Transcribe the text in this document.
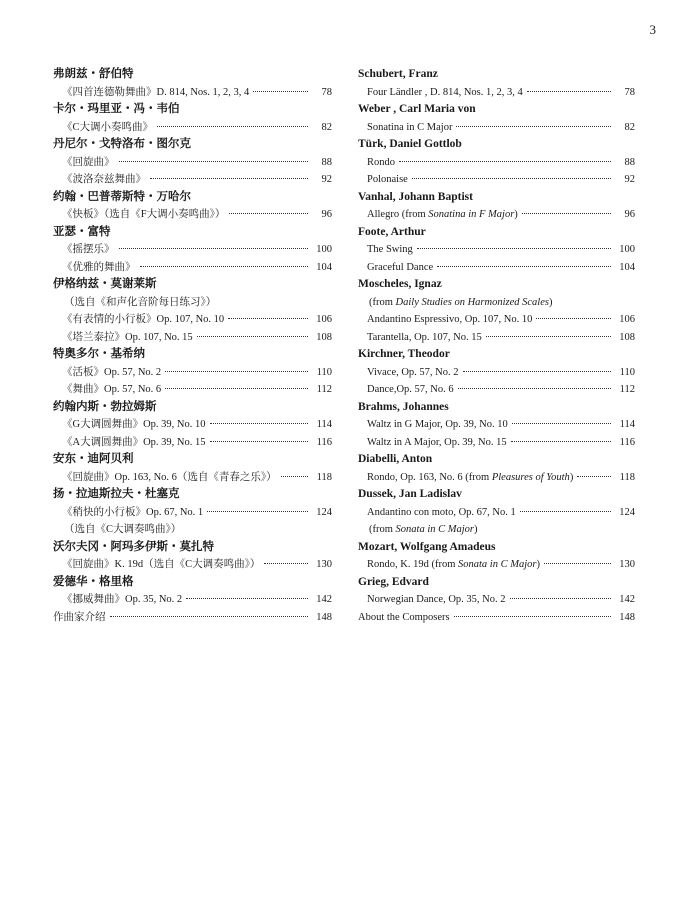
3
弗朗兹・舒伯特
《四首连德勒舞曲》D. 814, Nos. 1, 2, 3, 4	78
卡尔・玛里亚・冯・韦伯
《C大调小奏鸣曲》	82
丹尼尔・戈特洛布・图尔克
《回旋曲》	88
《波洛奈兹舞曲》	92
约翰・巴普蒂斯特・万哈尔
《快板》（选自《F大调小奏鸣曲》）	96
亚瑟・富特
《摇摆乐》	100
《优雅的舞曲》	104
伊格纳兹・莫谢莱斯
（选自《和声化音阶每日练习》）
《有表情的小行板》Op. 107, No. 10	106
《塔兰泰拉》Op. 107, No. 15	108
特奥多尔・基希纳
《活板》Op. 57, No. 2	110
《舞曲》Op. 57, No. 6	112
约翰内斯・勃拉姆斯
《G大调圆舞曲》Op. 39, No. 10	114
《A大调圆舞曲》Op. 39, No. 15	116
安东・迪阿贝利
《回旋曲》Op. 163, No. 6（选自《青春之乐》）	118
扬・拉迪斯拉夫・杜塞克
《稍快的小行板》Op. 67, No. 1	124
（选自《C大调奏鸣曲》）
沃尔夫冈・阿玛多伊斯・莫扎特
《回旋曲》K. 19d（选自《C大调奏鸣曲》）	130
爱德华・格里格
《挪威舞曲》Op. 35, No. 2	142
作曲家介绍	148
Schubert, Franz
Four Ländler , D. 814, Nos. 1, 2, 3, 4	78
Weber , Carl Maria von
Sonatina in C Major	82
Türk, Daniel Gottlob
Rondo	88
Polonaise	92
Vanhal, Johann Baptist
Allegro (from Sonatina in F Major)	96
Foote, Arthur
The Swing	100
Graceful Dance	104
Moscheles, Ignaz
(from Daily Studies on Harmonized Scales)
Andantino Espressivo, Op. 107, No. 10	106
Tarantella, Op. 107, No. 15	108
Kirchner, Theodor
Vivace, Op. 57, No. 2	110
Dance,Op. 57, No. 6	112
Brahms, Johannes
Waltz in G Major, Op. 39, No. 10	114
Waltz in A Major, Op. 39, No. 15	116
Diabelli, Anton
Rondo, Op. 163, No. 6 (from Pleasures of Youth)	118
Dussek, Jan Ladislav
Andantino con moto, Op. 67, No. 1	124
(from Sonata in C Major)
Mozart, Wolfgang Amadeus
Rondo, K. 19d (from Sonata in C Major)	130
Grieg, Edvard
Norwegian Dance, Op. 35, No. 2	142
About the Composers	148
